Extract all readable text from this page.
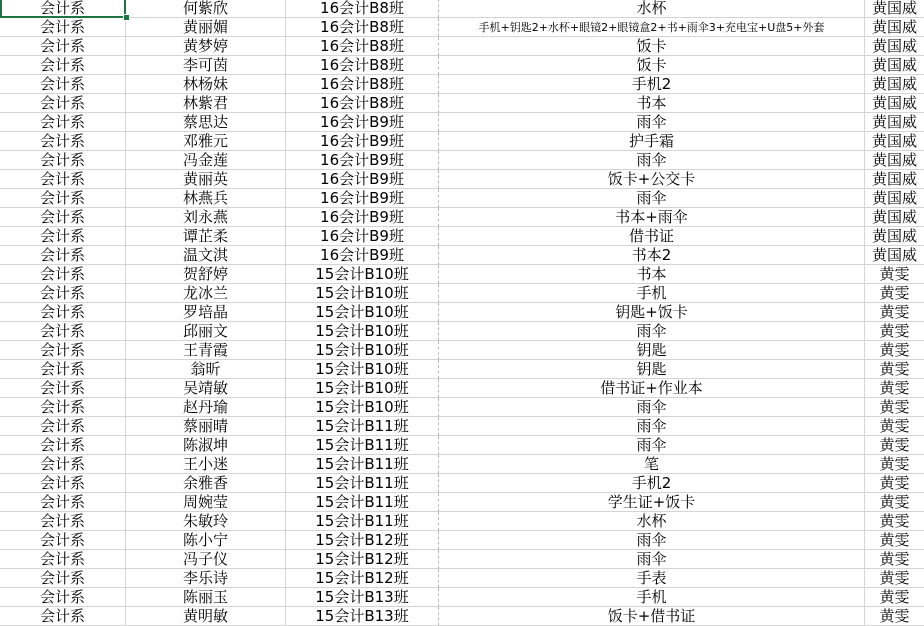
会计系	何紫欣	16会计B8班	水杯	黄国威
会计系	黄丽媚	16会计B8班	手机+钥匙2+水杯+眼镜2+眼镜盒2+书+雨伞3+充电宝+U盘5+外套	黄国威
会计系	黄梦婷	16会计B8班	饭卡	黄国威
会计系	李可茵	16会计B8班	饭卡	黄国威
会计系	林杨妹	16会计B8班	手机2	黄国威
会计系	林紫君	16会计B8班	书本	黄国威
会计系	蔡思达	16会计B9班	雨伞	黄国威
会计系	邓雅元	16会计B9班	护手霜	黄国威
会计系	冯金莲	16会计B9班	雨伞	黄国威
会计系	黄丽英	16会计B9班	饭卡+公交卡	黄国威
会计系	林燕兵	16会计B9班	雨伞	黄国威
会计系	刘永燕	16会计B9班	书本+雨伞	黄国威
会计系	谭芷柔	16会计B9班	借书证	黄国威
会计系	温文淇	16会计B9班	书本2	黄国威
会计系	贺舒婷	15会计B10班	书本	黄雯
会计系	龙冰兰	15会计B10班	手机	黄雯
会计系	罗培晶	15会计B10班	钥匙+饭卡	黄雯
会计系	邱丽文	15会计B10班	雨伞	黄雯
会计系	王青霞	15会计B10班	钥匙	黄雯
会计系	翁昕	15会计B10班	钥匙	黄雯
会计系	吴靖敏	15会计B10班	借书证+作业本	黄雯
会计系	赵丹瑜	15会计B10班	雨伞	黄雯
会计系	蔡丽晴	15会计B11班	雨伞	黄雯
会计系	陈淑坤	15会计B11班	雨伞	黄雯
会计系	王小迷	15会计B11班	笔	黄雯
会计系	余雅香	15会计B11班	手机2	黄雯
会计系	周婉莹	15会计B11班	学生证+饭卡	黄雯
会计系	朱敏玲	15会计B11班	水杯	黄雯
会计系	陈小宁	15会计B12班	雨伞	黄雯
会计系	冯子仪	15会计B12班	雨伞	黄雯
会计系	李乐诗	15会计B12班	手表	黄雯
会计系	陈丽玉	15会计B13班	手机	黄雯
会计系	黄明敏	15会计B13班	饭卡+借书证	黄雯
